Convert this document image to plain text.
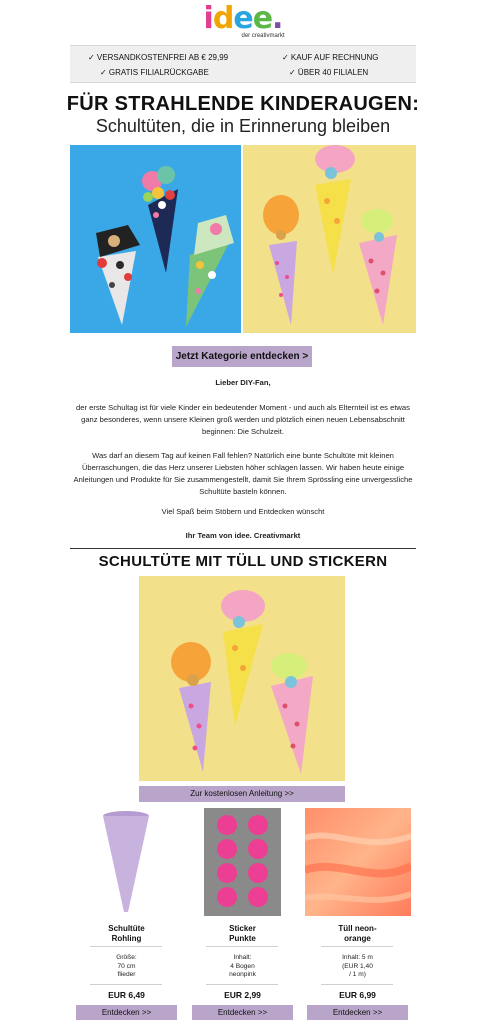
idee.
der creativmarkt
✓ VERSANDKOSTENFREI AB € 29,99	✓ KAUF AUF RECHNUNG
✓ GRATIS FILIALRÜCKGABE	✓ ÜBER 40 FILIALEN
FÜR STRAHLENDE KINDERAUGEN:
Schultüten, die in Erinnerung bleiben
Jetzt Kategorie entdecken >
Lieber DIY-Fan,
der erste Schultag ist für viele Kinder ein bedeutender Moment - und auch als Elternteil ist es etwas ganz besonderes, wenn unsere Kleinen groß werden und plötzlich einen neuen Lebensabschnitt beginnen: Die Schulzeit.
Was darf an diesem Tag auf keinen Fall fehlen? Natürlich eine bunte Schultüte mit kleinen Überraschungen, die das Herz unserer Liebsten höher schlagen lassen. Wir haben heute einige Anleitungen und Produkte für Sie zusammengestellt, damit Sie Ihrem Sprössling eine unvergessliche Schultüte basteln können.
Viel Spaß beim Stöbern und Entdecken wünscht
Ihr Team von idee. Creativmarkt
SCHULTÜTE MIT TÜLL UND STICKERN
Zur kostenlosen Anleitung >>
Schultüte
Rohling
Größe:
70 cm
flieder
EUR 6,49
Entdecken >>
Sticker
Punkte
Inhalt:
4 Bogen
neonpink
EUR 2,99
Entdecken >>
Tüll neon-
orange
Inhalt: 5 m
(EUR 1,40
/ 1 m)
EUR 6,99
Entdecken >>
